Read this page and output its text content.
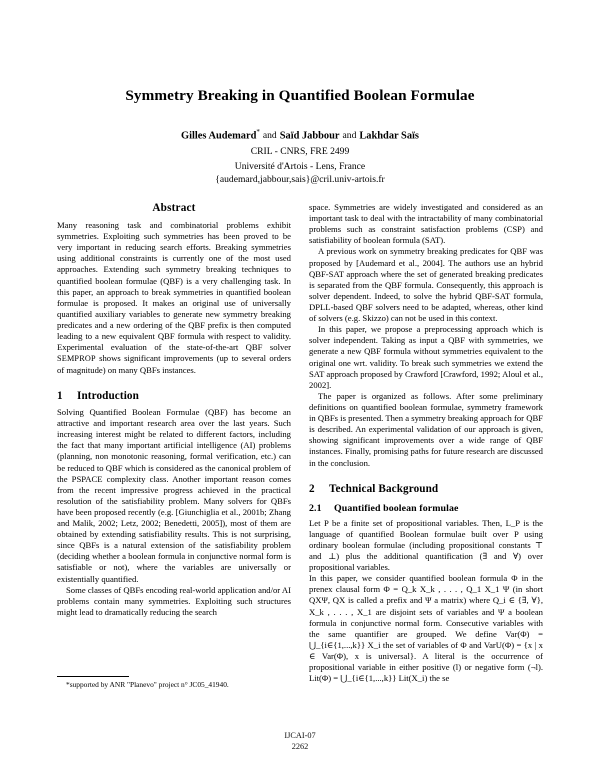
Symmetry Breaking in Quantified Boolean Formulae
Gilles Audemard* and Saïd Jabbour and Lakhdar Saïs
CRIL - CNRS, FRE 2499
Université d'Artois - Lens, France
{audemard,jabbour,sais}@cril.univ-artois.fr
Abstract

Many reasoning task and combinatorial problems exhibit symmetries. Exploiting such symmetries has been proved to be very important in reducing search efforts. Breaking symmetries using additional constraints is currently one of the most used approaches. Extending such symmetry breaking techniques to quantified boolean formulae (QBF) is a very challenging task. In this paper, an approach to break symmetries in quantified boolean formulae is proposed. It makes an original use of universally quantified auxiliary variables to generate new symmetry breaking predicates and a new ordering of the QBF prefix is then computed leading to a new equivalent QBF formula with respect to validity. Experimental evaluation of the state-of-the-art QBF solver SEMPROP shows significant improvements (up to several orders of magnitude) on many QBFs instances.

1	Introduction

Solving Quantified Boolean Formulae (QBF) has become an attractive and important research area over the last years. Such increasing interest might be related to different factors, including the fact that many important artificial intelligence (AI) problems (planning, non monotonic reasoning, formal verification, etc.) can be reduced to QBF which is considered as the canonical problem of the PSPACE complexity class. Another important reason comes from the recent impressive progress achieved in the practical resolution of the satisfiability problem. Many solvers for QBFs have been proposed recently (e.g. [Giunchiglia et al., 2001b; Zhang and Malik, 2002; Letz, 2002; Benedetti, 2005]), most of them are obtained by extending satisfiability results. This is not surprising, since QBFs is a natural extension of the satisfiability problem (deciding whether a boolean formula in conjunctive normal form is satisfiable or not), where the variables are universally or existentially quantified.

Some classes of QBFs encoding real-world application and/or AI problems contain many symmetries. Exploiting such structures might lead to dramatically reducing the search

*supported by ANR "Planevo" project n° JC05_41940.

space. Symmetries are widely investigated and considered as an important task to deal with the intractability of many combinatorial problems such as constraint satisfaction problems (CSP) and satisfiability of boolean formula (SAT).

A previous work on symmetry breaking predicates for QBF was proposed by [Audemard et al., 2004]. The authors use an hybrid QBF-SAT approach where the set of generated breaking predicates is separated from the QBF formula. Consequently, this approach is solver dependent. Indeed, to solve the hybrid QBF-SAT formula, DPLL-based QBF solvers need to be adapted, whereas, other kind of solvers (e.g. Skizzo) can not be used in this context.

In this paper, we propose a preprocessing approach which is solver independent. Taking as input a QBF with symmetries, we generate a new QBF formula without symmetries equivalent to the original one wrt. validity. To break such symmetries we extend the SAT approach proposed by Crawford [Crawford, 1992; Aloul et al., 2002].

The paper is organized as follows. After some preliminary definitions on quantified boolean formulae, symmetry framework in QBFs is presented. Then a symmetry breaking approach for QBF is described. An experimental validation of our approach is given, showing significant improvements over a wide range of QBF instances. Finally, promising paths for future research are discussed in the conclusion.

2	Technical Background
2.1	Quantified boolean formulae

Let P be a finite set of propositional variables. Then, L_P is the language of quantified Boolean formulae built over P using ordinary boolean formulae (including propositional constants ⊤ and ⊥) plus the additional quantification (∃ and ∀) over propositional variables.

In this paper, we consider quantified boolean formula Φ in the prenex clausal form Φ = Q_k X_k , . . . , Q_1 X_1 Ψ (in short QXΨ, QX is called a prefix and Ψ a matrix) where Q_i ∈ {∃, ∀}, X_k , . . . , X_1 are disjoint sets of variables and Ψ a boolean formula in conjunctive normal form. Consecutive variables with the same quantifier are grouped. We define Var(Φ) = ⋃_{i∈{1,...,k}} X_i the set of variables of Φ and VarU(Φ) = {x | x ∈ Var(Φ), x is universal}. A literal is the occurrence of propositional variable in either positive (l) or negative form (¬l). Lit(Φ) = ⋃_{i∈{1,...,k}} Lit(X_i) the se

IJCAI-07
2262
